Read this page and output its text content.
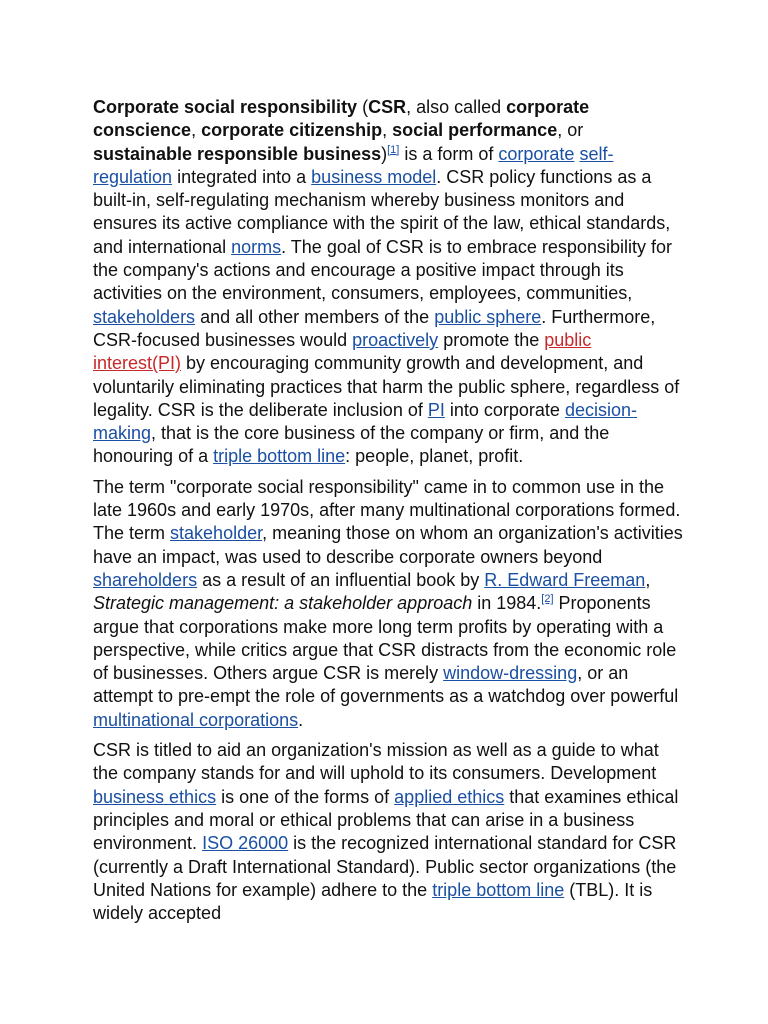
Corporate social responsibility (CSR, also called corporate conscience, corporate citizenship, social performance, or sustainable responsible business)[1] is a form of corporate self-regulation integrated into a business model. CSR policy functions as a built-in, self-regulating mechanism whereby business monitors and ensures its active compliance with the spirit of the law, ethical standards, and international norms. The goal of CSR is to embrace responsibility for the company's actions and encourage a positive impact through its activities on the environment, consumers, employees, communities, stakeholders and all other members of the public sphere. Furthermore, CSR-focused businesses would proactively promote the public interest(PI) by encouraging community growth and development, and voluntarily eliminating practices that harm the public sphere, regardless of legality. CSR is the deliberate inclusion of PI into corporate decision-making, that is the core business of the company or firm, and the honouring of a triple bottom line: people, planet, profit.

The term "corporate social responsibility" came in to common use in the late 1960s and early 1970s, after many multinational corporations formed. The term stakeholder, meaning those on whom an organization's activities have an impact, was used to describe corporate owners beyond shareholders as a result of an influential book by R. Edward Freeman, Strategic management: a stakeholder approach in 1984.[2] Proponents argue that corporations make more long term profits by operating with a perspective, while critics argue that CSR distracts from the economic role of businesses. Others argue CSR is merely window-dressing, or an attempt to pre-empt the role of governments as a watchdog over powerful multinational corporations.

CSR is titled to aid an organization's mission as well as a guide to what the company stands for and will uphold to its consumers. Development business ethics is one of the forms of applied ethics that examines ethical principles and moral or ethical problems that can arise in a business environment. ISO 26000 is the recognized international standard for CSR (currently a Draft International Standard). Public sector organizations (the United Nations for example) adhere to the triple bottom line (TBL). It is widely accepted
